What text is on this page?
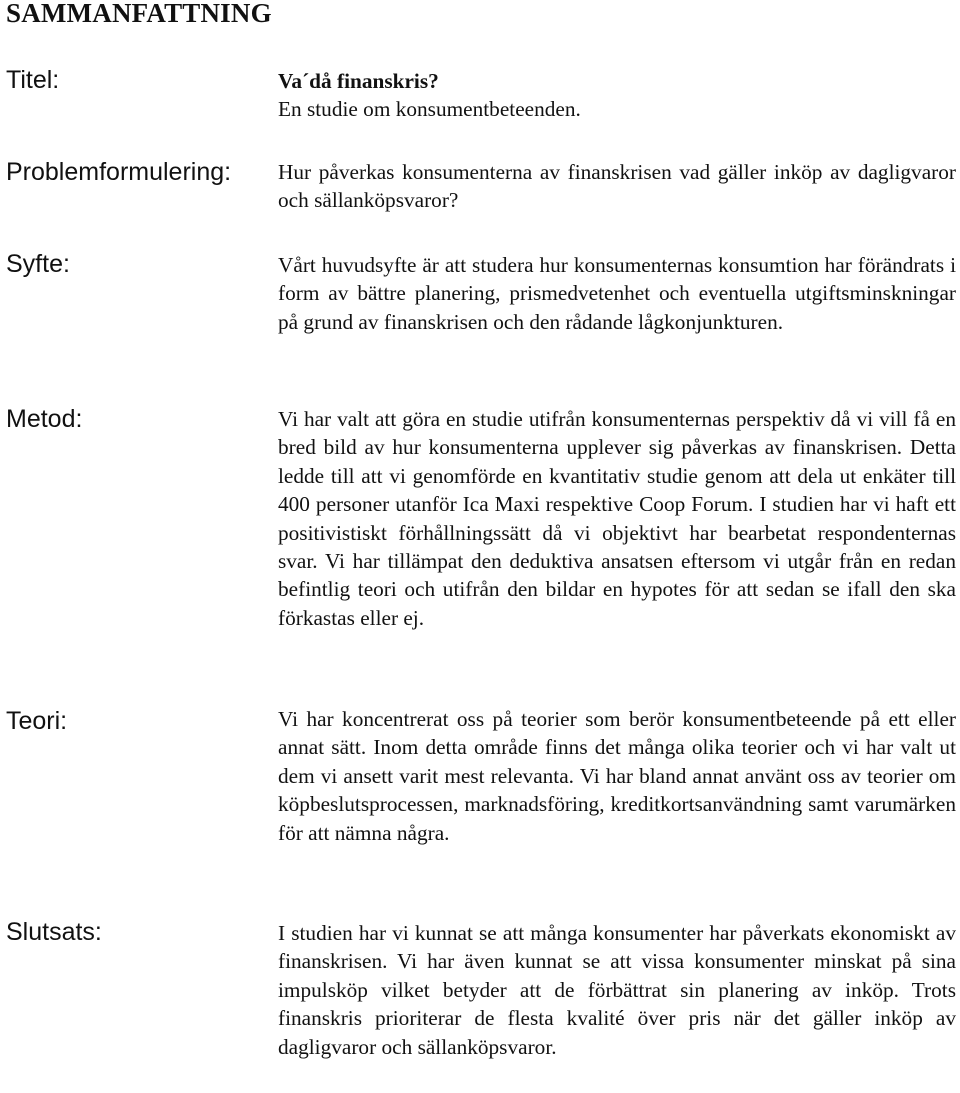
SAMMANFATTNING
Titel:	Va´då finanskris?
En studie om konsumentbeteenden.
Problemformulering: Hur påverkas konsumenterna av finanskrisen vad gäller inköp av dagligvaror och sällanköpsvaror?
Syfte:	Vårt huvudsyfte är att studera hur konsumenternas konsumtion har förändrats i form av bättre planering, prismedvetenhet och eventuella utgiftsminskningar på grund av finanskrisen och den rådande lågkonjunkturen.
Metod:	Vi har valt att göra en studie utifrån konsumenternas perspektiv då vi vill få en bred bild av hur konsumenterna upplever sig påverkas av finanskrisen. Detta ledde till att vi genomförde en kvantitativ studie genom att dela ut enkäter till 400 personer utanför Ica Maxi respektive Coop Forum. I studien har vi haft ett positivistiskt förhållningssätt då vi objektivt har bearbetat respondenternas svar. Vi har tillämpat den deduktiva ansatsen eftersom vi utgår från en redan befintlig teori och utifrån den bildar en hypotes för att sedan se ifall den ska förkastas eller ej.
Teori:	Vi har koncentrerat oss på teorier som berör konsumentbeteende på ett eller annat sätt. Inom detta område finns det många olika teorier och vi har valt ut dem vi ansett varit mest relevanta. Vi har bland annat använt oss av teorier om köpbeslutsprocessen, marknadsföring, kreditkortsanvändning samt varumärken för att nämna några.
Slutsats:	I studien har vi kunnat se att många konsumenter har påverkats ekonomiskt av finanskrisen. Vi har även kunnat se att vissa konsumenter minskat på sina impulsköp vilket betyder att de förbättrat sin planering av inköp. Trots finanskris prioriterar de flesta kvalité över pris när det gäller inköp av dagligvaror och sällanköpsvaror.
